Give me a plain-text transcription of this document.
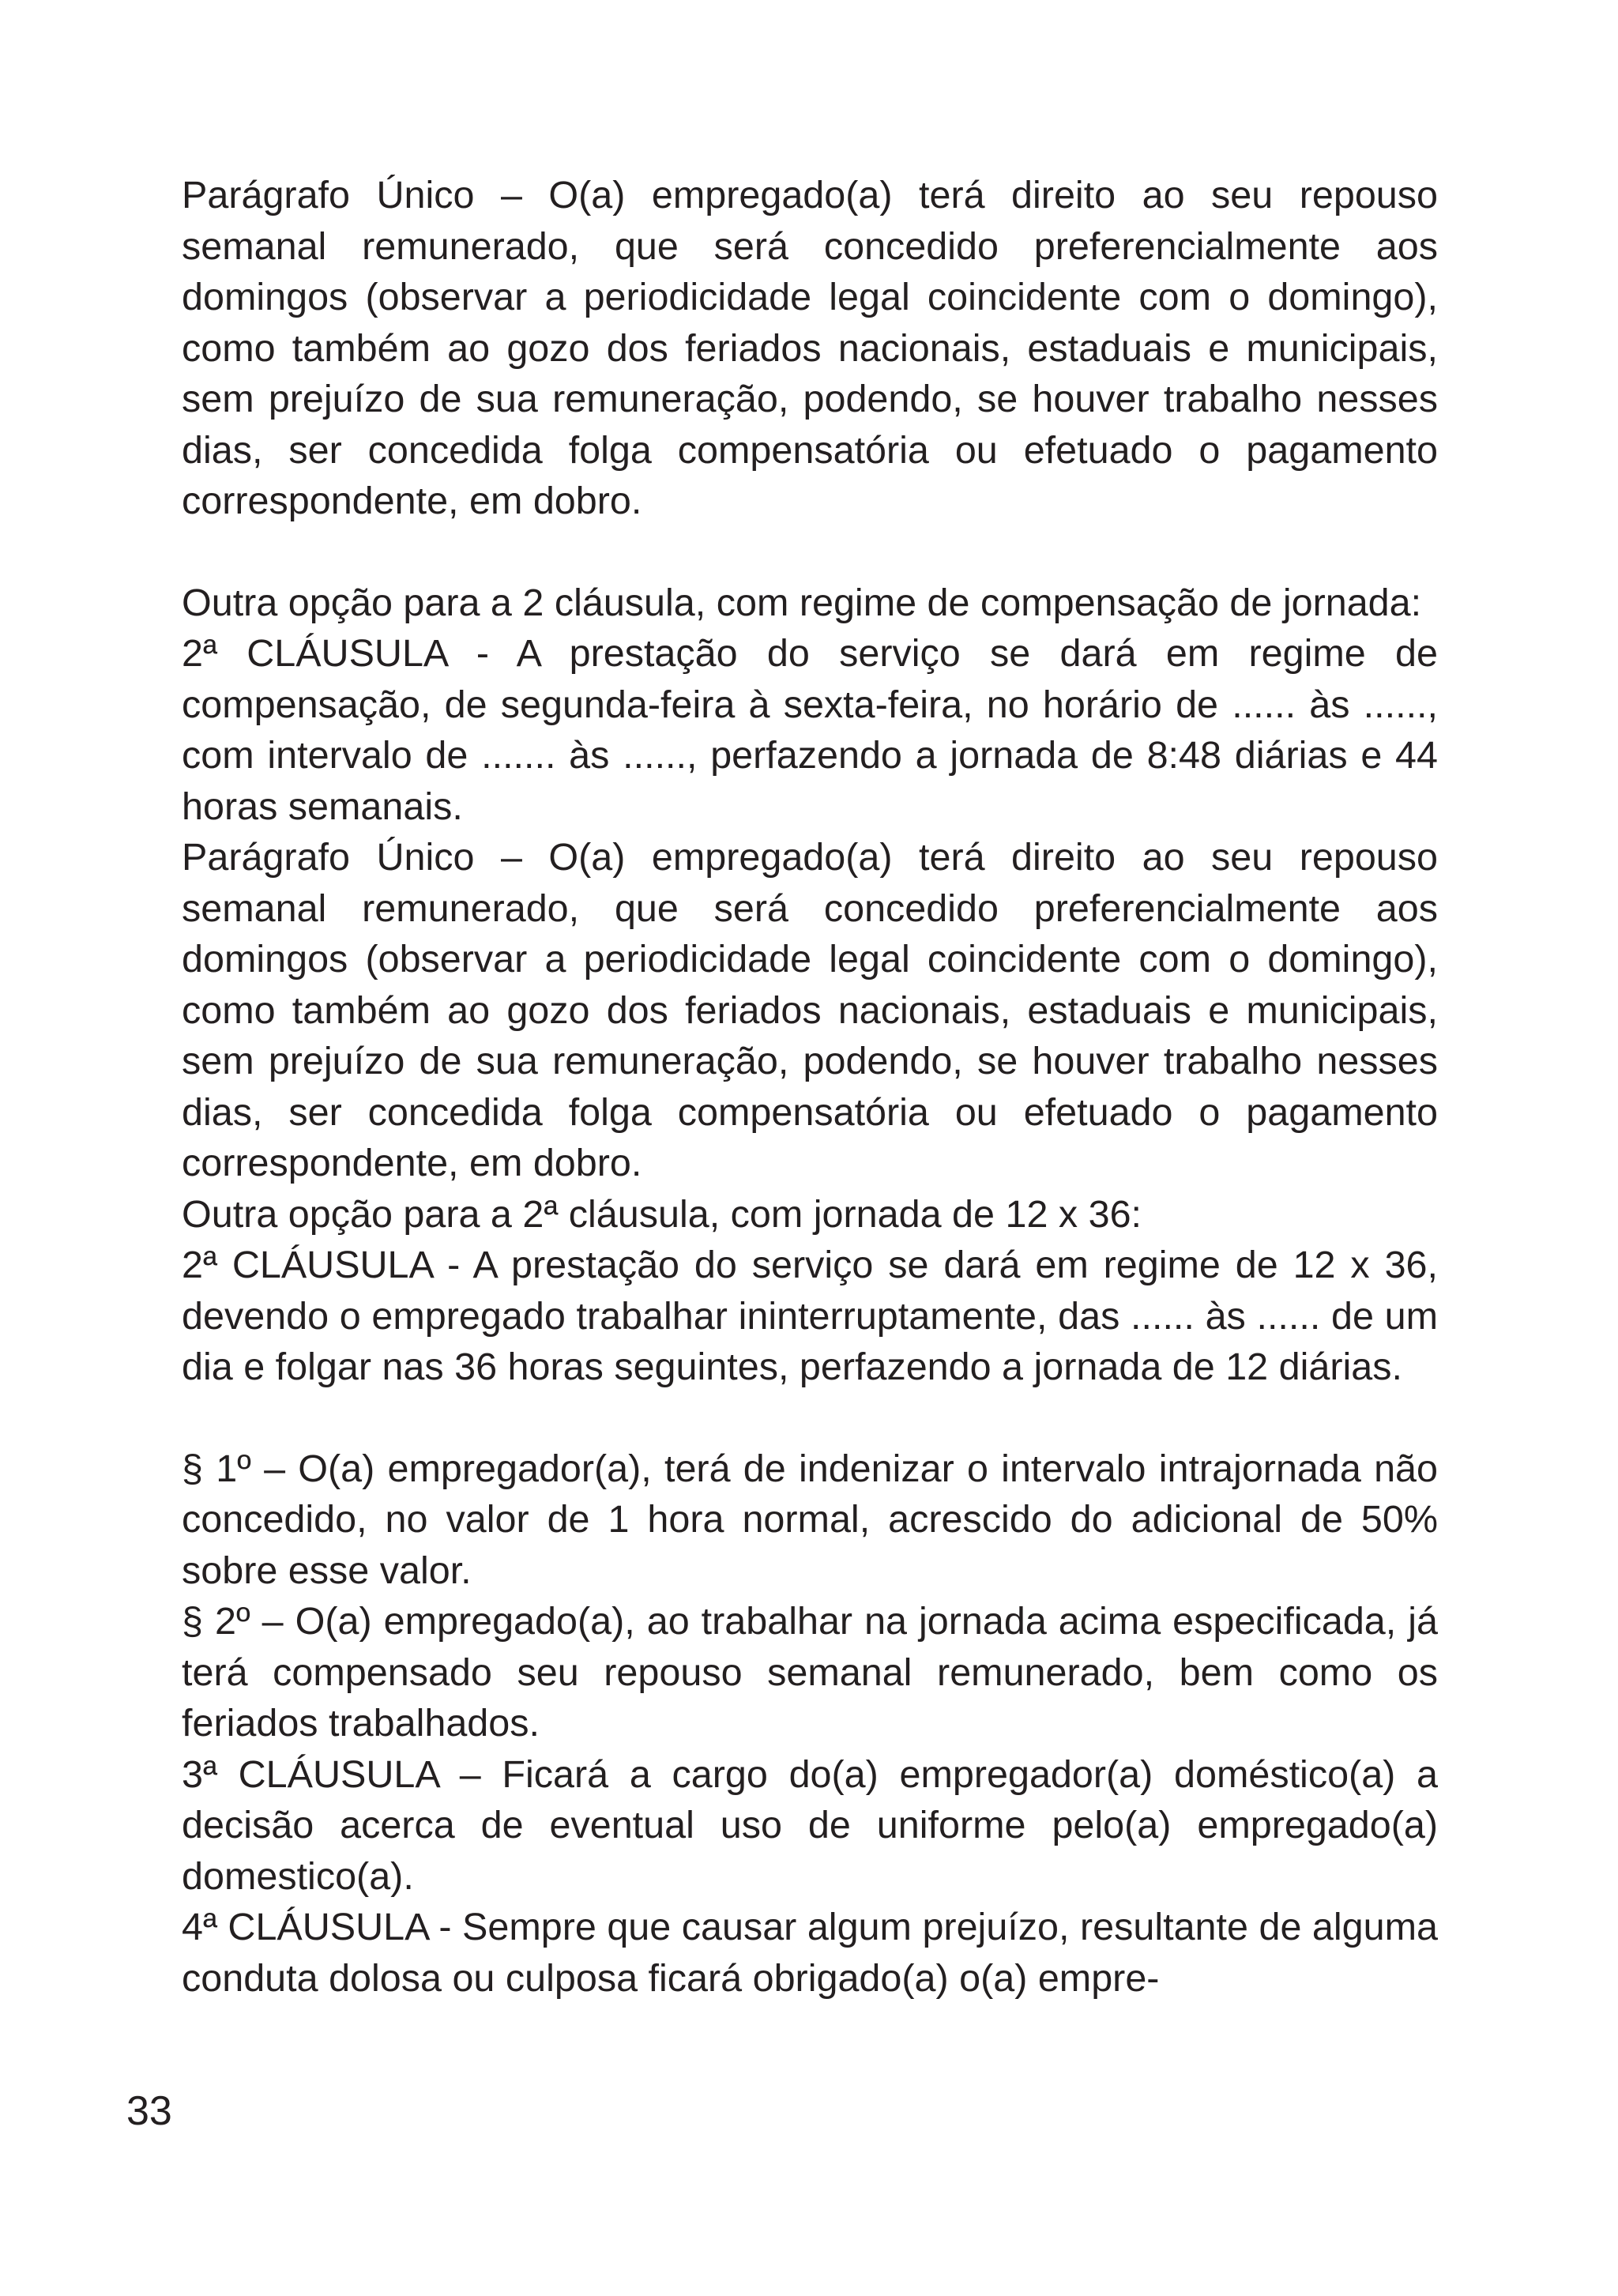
Parágrafo Único – O(a) empregado(a) terá direito ao seu repouso semanal remunerado, que será concedido preferencialmente aos domingos (observar a periodicidade legal coincidente com o domingo), como também ao gozo dos feriados nacionais, estaduais e municipais, sem prejuízo de sua remuneração, podendo, se houver trabalho nesses dias, ser concedida folga compensatória ou efetuado o pagamento correspondente, em dobro.

Outra opção para a 2 cláusula, com regime de compensação de jornada:

2ª CLÁUSULA - A prestação do serviço se dará em regime de compensação, de segunda-feira à sexta-feira, no horário de ...... às ......, com intervalo de ....... às ......, perfazendo a jornada de 8:48 diárias e 44 horas semanais.

Parágrafo Único – O(a) empregado(a) terá direito ao seu repouso semanal remunerado, que será concedido preferencialmente aos domingos (observar a periodicidade legal coincidente com o domingo), como também ao gozo dos feriados nacionais, estaduais e municipais, sem prejuízo de sua remuneração, podendo, se houver trabalho nesses dias, ser concedida folga compensatória ou efetuado o pagamento correspondente, em dobro.

Outra opção para a 2ª cláusula, com jornada de 12 x 36:

2ª CLÁUSULA - A prestação do serviço se dará em regime de 12 x 36, devendo o empregado trabalhar ininterruptamente, das ...... às ...... de um dia e folgar nas 36 horas seguintes, perfazendo a jornada de 12 diárias.

§ 1º – O(a) empregador(a), terá de indenizar o intervalo intrajornada não concedido, no valor de 1 hora normal, acrescido do adicional de 50% sobre esse valor.

§ 2º – O(a) empregado(a), ao trabalhar na jornada acima especificada, já terá compensado seu repouso semanal remunerado, bem como os feriados trabalhados.

3ª CLÁUSULA – Ficará a cargo do(a) empregador(a) doméstico(a) a decisão acerca de eventual uso de uniforme pelo(a) empregado(a) domestico(a).

4ª CLÁUSULA - Sempre que causar algum prejuízo, resultante de alguma conduta dolosa ou culposa ficará obrigado(a) o(a) empre-

33
